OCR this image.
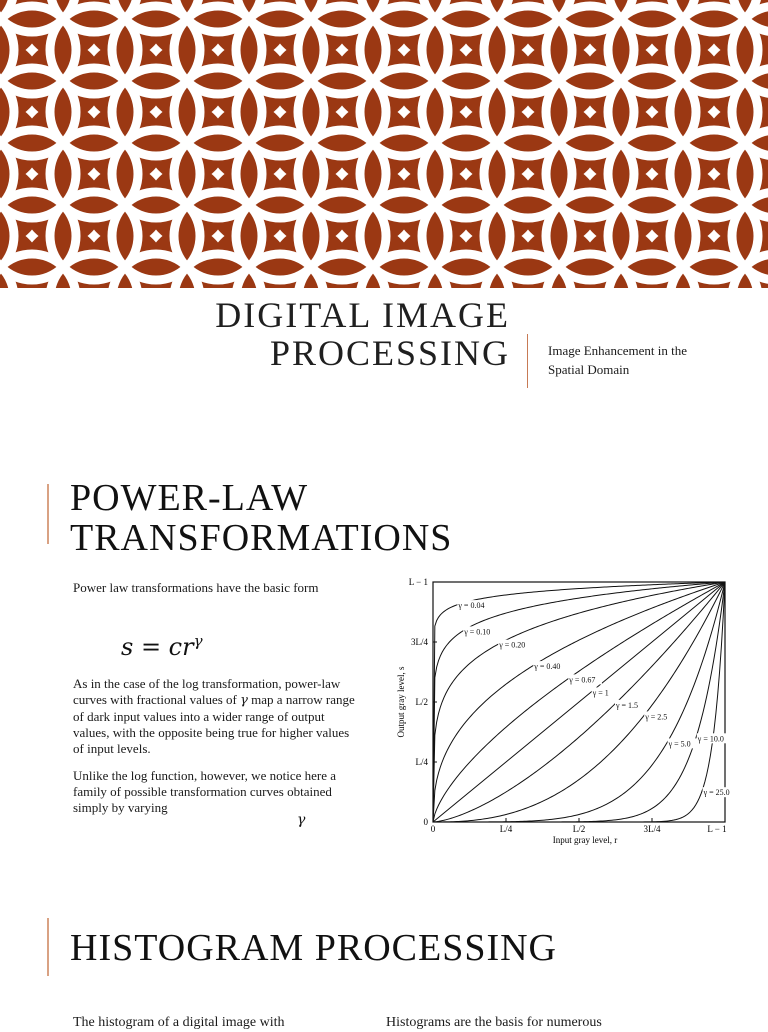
DIGITAL IMAGE
PROCESSING	Image Enhancement in the
Spatial Domain
POWER-LAW
TRANSFORMATIONS
Power law transformations have the basic form
$s = cr^\gamma$
As in the case of the log transformation, power-law curves with fractional values of γ map a narrow range of dark input values into a wider range of output values, with the opposite being true for higher values of input levels.
Unlike the log function, however, we notice here a family of possible transformation curves obtained simply by varying
γ
γ = 0.04
γ = 0.10
γ = 0.20
γ = 0.40
γ = 0.67
γ = 1
γ = 1.5
γ = 2.5
γ = 5.0
γ = 10.0
γ = 25.0
0	L/4	L/2	3L/4	L − 1
0
L/4
L/2
3L/4
L − 1
Input gray level, r
Output gray level, s
HISTOGRAM PROCESSING
The histogram of a digital image with	Histograms are the basis for numerous
